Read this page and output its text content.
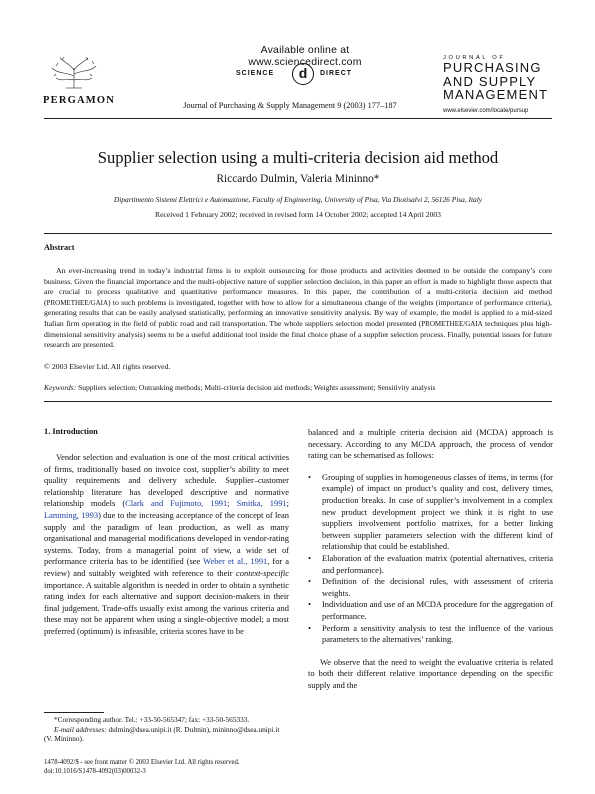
Available online at www.sciencedirect.com
SCIENCE	d	DIRECT
PERGAMON	Journal of Purchasing & Supply Management 9 (2003) 177–187
JOURNAL OF
PURCHASING
AND SUPPLY
MANAGEMENT
www.elsevier.com/locate/pursup
Supplier selection using a multi-criteria decision aid method
Riccardo Dulmin, Valeria Mininno*
Dipartimento Sistemi Elettrici e Automazione, Faculty of Engineering, University of Pisa, Via Diotisalvi 2, 56126 Pisa, Italy
Received 1 February 2002; received in revised form 14 October 2002; accepted 14 April 2003
Abstract
An ever-increasing trend in today’s industrial firms is to exploit outsourcing for those products and activities deemed to be outside the company’s core business. Given the financial importance and the multi-objective nature of supplier selection decision, in this paper an effort is made to highlight those aspects that are crucial to process qualitative and quantitative performance measures. In this paper, the contribution of a multi-criteria decision aid method (PROMETHEE/GAIA) to such problems is investigated, together with how to allow for a simultaneous change of the weights (importance of performance criteria), generating results that can be easily analysed statistically, performing an innovative sensitivity analysis. By way of example, the model is applied to a mid-sized Italian firm operating in the field of public road and rail transportation. The whole suppliers selection model presented (PROMETHEE/GAIA techniques plus high-dimensional sensitivity analysis) seems to be a useful additional tool inside the final choice phase of a supplier selection process. Finally, potential issues for future research are presented.
© 2003 Elsevier Ltd. All rights reserved.
Keywords: Suppliers selection; Outranking methods; Multi-criteria decision aid methods; Weights assessment; Sensitivity analysis
1. Introduction

Vendor selection and evaluation is one of the most critical activities of firms, traditionally based on invoice cost, supplier’s ability to meet quality requirements and delivery schedule. Supplier–customer relationship literature has developed descriptive and normative relationship models (Clark and Fujimoto, 1991; Smitka, 1991; Lamming, 1993) due to the increasing acceptance of the concept of lean supply and the paradigm of lean production, as well as many organisational and managerial modifications developed in vendor-rating systems. Today, from a managerial point of view, a wide set of performance criteria has to be identified (see Weber et al., 1991, for a review) and suitably weighted with reference to their context-specific importance. A suitable algorithm is needed in order to obtain a synthetic rating index for each alternative and support decision-makers in their final judgement. Trade-offs usually exist among the various criteria and these may not be apparent when using a single-objective model; a most preferred (optimum) is infeasible, criteria scores have to be

balanced and a multiple criteria decision aid (MCDA) approach is necessary. According to any MCDA approach, the process of vendor rating can be schematised as follows:

• Grouping of supplies in homogeneous classes of items, in terms (for example) of impact on product’s quality and cost, delivery times, production breaks. In case of supplier’s involvement in a complex new product development project we think it is right to use suppliers involvement portfolio matrixes, for a better linking between supplier parameters selection with the different kind of relationship that could be established.
• Elaboration of the evaluation matrix (potential alternatives, criteria and performance).
• Definition of the decisional rules, with assessment of criteria weights.
• Individuation and use of an MCDA procedure for the aggregation of performance.
• Perform a sensitivity analysis to test the influence of the various parameters to the alternatives’ ranking.

We observe that the need to weight the evaluative criteria is related to both their different relative importance depending on the specific supply and the

*Corresponding author. Tel.: +33-50-565347; fax: +33-50-565333.
E-mail addresses: dulmin@dsea.unipi.it (R. Dulmin), mininno@dsea.unipi.it (V. Mininno).
1478-4092/$ - see front matter © 2003 Elsevier Ltd. All rights reserved.
doi:10.1016/S1478-4092(03)00032-3
